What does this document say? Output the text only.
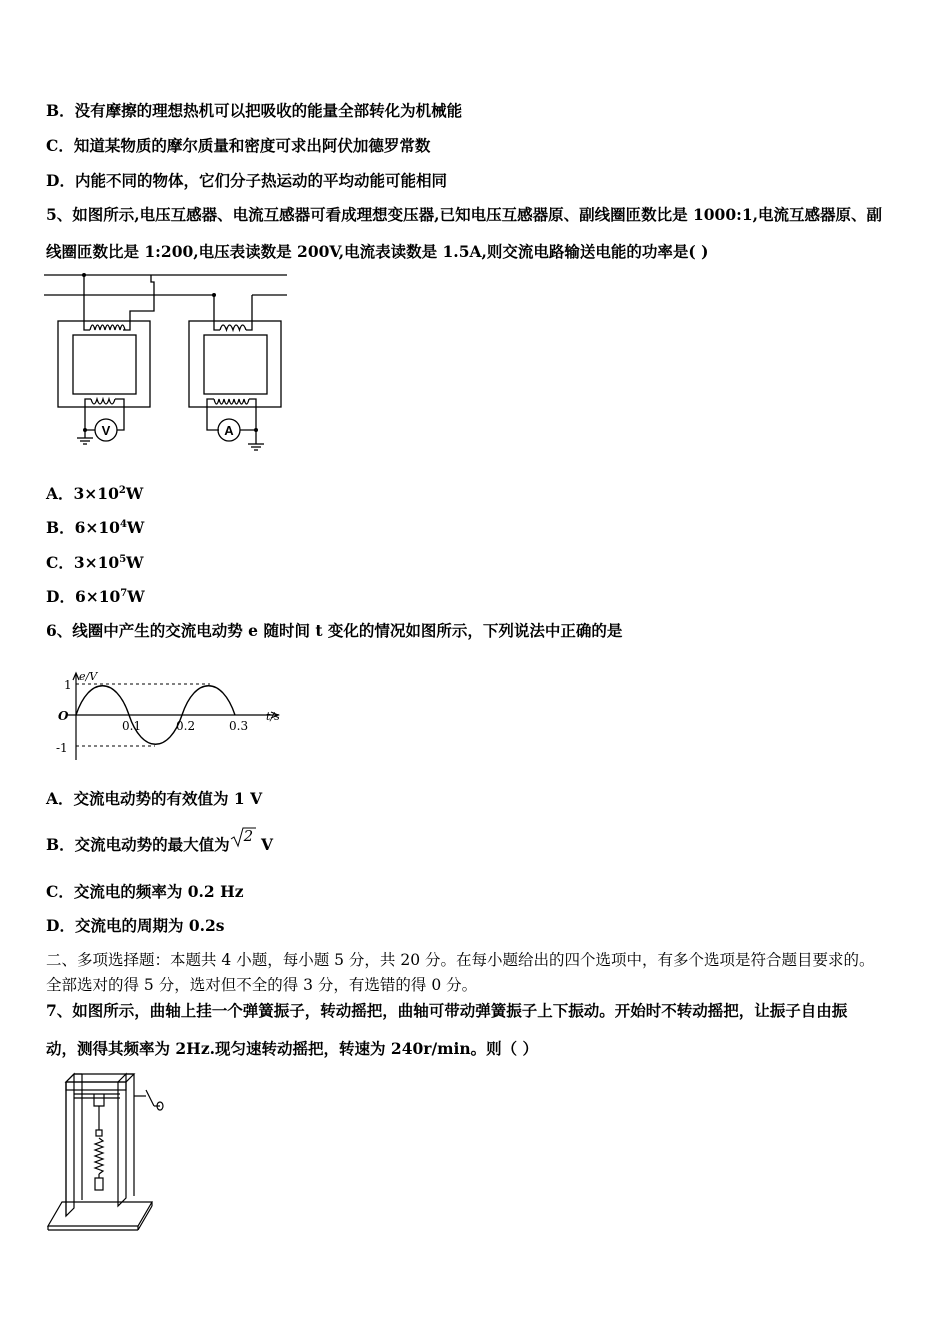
B．没有摩擦的理想热机可以把吸收的能量全部转化为机械能
C．知道某物质的摩尔质量和密度可求出阿伏加德罗常数
D．内能不同的物体，它们分子热运动的平均动能可能相同
5、如图所示,电压互感器、电流互感器可看成理想变压器,已知电压互感器原、副线圈匝数比是 1000:1,电流互感器原、副
线圈匝数比是 1:200,电压表读数是 200V,电流表读数是 1.5A,则交流电路输送电能的功率是( )
V	A
A．$3\times 10^2W$
B．$6\times 10^4W$
C．$3\times 10^5W$
D．$6\times 10^7W$
6、线圈中产生的交流电动势 e 随时间 t 变化的情况如图所示，下列说法中正确的是
e/V
t/s
O
1
-1
0.1	0.2	0.3
A．交流电动势的有效值为 1 V
B．交流电动势的最大值为 2 V
C．交流电的频率为 0.2 Hz
D．交流电的周期为 0.2s
二、多项选择题：本题共 4 小题，每小题 5 分，共 20 分。在每小题给出的四个选项中，有多个选项是符合题目要求的。
全部选对的得 5 分，选对但不全的得 3 分，有选错的得 0 分。
7、如图所示，曲轴上挂一个弹簧振子，转动摇把，曲轴可带动弹簧振子上下振动。开始时不转动摇把，让振子自由振
动，测得其频率为 2Hz.现匀速转动摇把，转速为 240r/min。则（ ）
